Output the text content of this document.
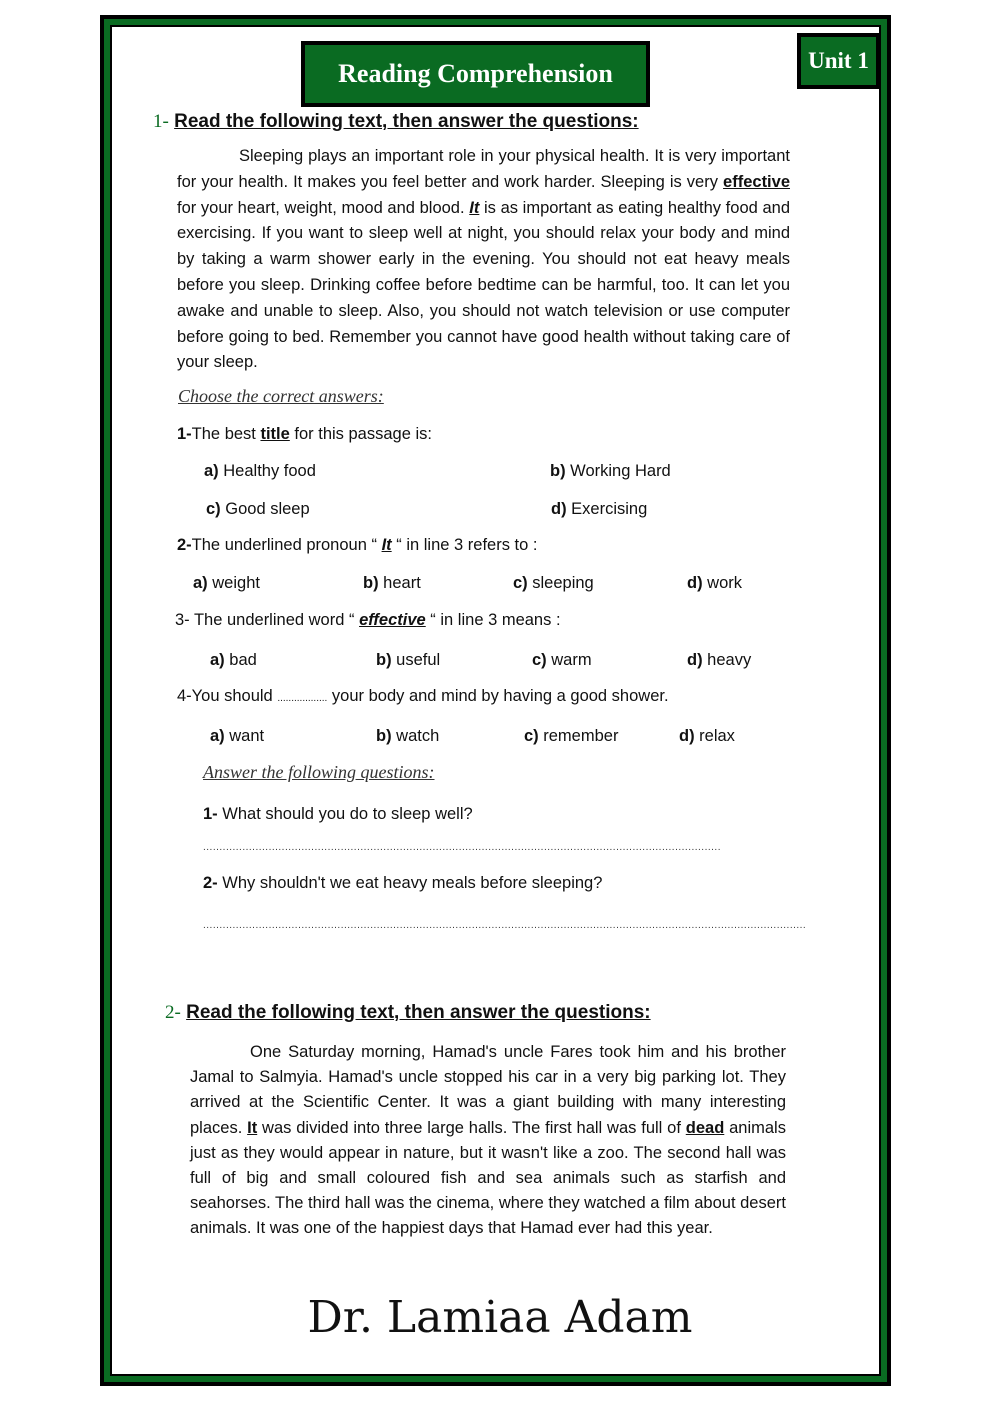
Reading Comprehension	Unit 1
1- Read the following text, then answer the questions:
Sleeping plays an important role in your physical health. It is very important for your health. It makes you feel better and work harder. Sleeping is very effective for your heart, weight, mood and blood. It is as important as eating healthy food and exercising. If you want to sleep well at night, you should relax your body and mind by taking a warm shower early in the evening. You should not eat heavy meals before you sleep. Drinking coffee before bedtime can be harmful, too. It can let you awake and unable to sleep. Also, you should not watch television or use computer before going to bed. Remember you cannot have good health without taking care of your sleep.
Choose the correct answers:
1-The best title for this passage is:
a) Healthy food	b) Working Hard
c) Good sleep	d) Exercising
2-The underlined pronoun “ It “ in line 3 refers to :
a) weight	b) heart	c) sleeping	d) work
3- The underlined word “ effective “ in line 3 means :
a) bad	b) useful	c) warm	d) heavy
4-You should .................. your body and mind by having a good shower.
a) want	b) watch	c) remember	d) relax
Answer the following questions:
1- What should you do to sleep well?
..............................................................................................................................................................
2- Why shouldn't we eat heavy meals before sleeping?
........................................................................................................................................................................................
2- Read the following text, then answer the questions:
One Saturday morning, Hamad's uncle Fares took him and his brother Jamal to Salmyia. Hamad's uncle stopped his car in a very big parking lot. They arrived at the Scientific Center. It was a giant building with many interesting places. It was divided into three large halls. The first hall was full of dead animals just as they would appear in nature, but it wasn't like a zoo. The second hall was full of big and small coloured fish and sea animals such as starfish and seahorses. The third hall was the cinema, where they watched a film about desert animals. It was one of the happiest days that Hamad ever had this year.
Dr. Lamiaa Adam
